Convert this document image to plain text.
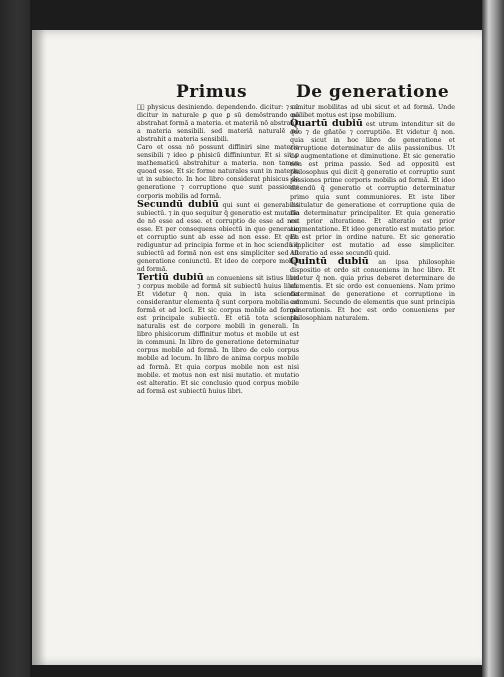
Primus	De generatione

⁊ͥ physicus desiniendo. dependendo. dicitur: ⁊ cū dicitur in naturale ꝑ que ꝑ sū demōstrando nō abstrahat formā a materia. et materiā nō abstrahit a materia sensibili. sed materiā naturalē nō abstrahit a materia sensibili.

Caro et ossa nō possunt diffiniri sine materia sensibili ⁊ ideo ꝑ phisicū diffiniuntur. Et si sit ꝑ mathematicū abstrahitur a materia. non tamen quoad esse. Et sic forme naturales sunt in materia ut in subiecto. In hoc libro considerat phisicus de generatione ⁊ corruptione que sunt passiones corporis mobilis ad formā.

Secundū dubiū qui sunt ei generabilis subiectū. ⁊ in quo sequitur q̄ generatio est mutatio de nō esse ad esse. et corruptio de esse ad non esse. Et per consequens obiectū in quo generatio et corruptio sunt ab esse ad non esse. Et quia rediguntur ad principia forme et in hoc sciendū q̄ subiectū ad formā non est ens simpliciter sed cū generatione coniunctū. Et ideo de corpore mobili ad formā.

Tertiū dubiū an conueniens sit istius libri ⁊ corpus mobile ad formā sit subiectū huius libri. Et videtur q̄ non. quia in ista scientia considerantur elementa q̄ sunt corpora mobilia ad formā et ad locū. Et sic corpus mobile ad formā est principale subiectū. Et etiā tota scientia naturalis est de corpore mobili in generali. In libro phisicorum diffinitur motus et mobile ut est in communi. In libro de generatione determinatur corpus mobile ad formā. In libro de celo corpus mobile ad locum. In libro de anima corpus mobile ad formā. Et quia corpus mobile non est nisi mobile. et motus non est nisi mutatio. et mutatio est alteratio. Et sic conclusio quod corpus mobile ad formā est subiectū huius libri.

sumitur mobilitas ad ubi sicut et ad formā. Unde quilibet motus est ipse mobilium.

Quartū dubiū est utrum intenditur sit de quo ⁊ de gñatōe ⁊ corruptiōe. Et videtur q̄ non. quia sicut in hoc libro de generatione et corruptione determinatur de aliis passionibus. Ut de augmentatione et diminutione. Et sic generatio non est prima passio. Sed ad oppositū est philosophus qui dicit q̄ generatio et corruptio sunt passiones prime corporis mobilis ad formā. Et ideo dicendū q̄ generatio et corruptio determinatur primo quia sunt communiores. Et iste liber intitulatur de generatione et corruptione quia de illa determinatur principaliter. Et quia generatio est prior alteratione. Et alteratio est prior augmentatione. Et ideo generatio est mutatio prior. Et est prior in ordine nature. Et sic generatio simpliciter est mutatio ad esse simpliciter. Alteratio ad esse secundū quid.

Quintū dubiū an ipsa philosophie dispositio et ordo sit conueniens in hoc libro. Et videtur q̄ non. quia prius deberet determinare de elementis. Et sic ordo est conueniens. Nam primo determinat de generatione et corruptione in communi. Secundo de elementis que sunt principia generationis. Et hoc est ordo conueniens per philosophiam naturalem.
